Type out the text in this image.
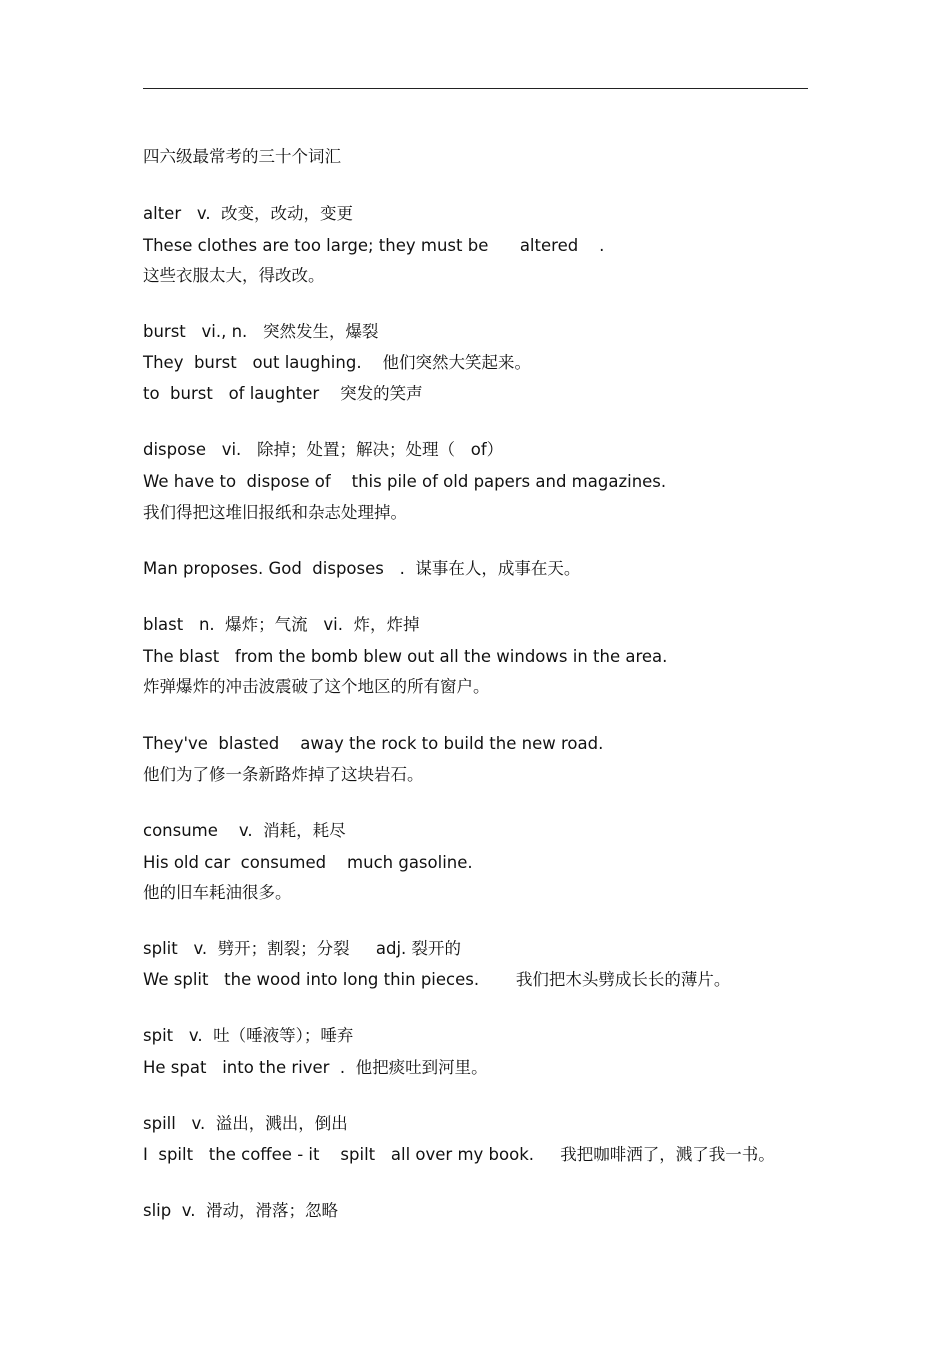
四六级最常考的三十个词汇
alter   v.  改变，改动，变更
These clothes are too large; they must be      altered    .
这些衣服太大，得改改。
burst   vi., n.   突然发生，爆裂
They  burst   out laughing.    他们突然大笑起来。
to  burst   of laughter    突发的笑声
dispose   vi.   除掉；处置；解决；处理（   of）
We have to  dispose of    this pile of old papers and magazines.
我们得把这堆旧报纸和杂志处理掉。
Man proposes. God  disposes   .  谋事在人，成事在天。
blast   n.  爆炸；气流   vi.  炸，炸掉
The blast   from the bomb blew out all the windows in the area.
炸弹爆炸的冲击波震破了这个地区的所有窗户。
They've  blasted    away the rock to build the new road.
他们为了修一条新路炸掉了这块岩石。
consume    v.  消耗，耗尽
His old car  consumed    much gasoline.
他的旧车耗油很多。
split   v.  劈开；割裂；分裂     adj. 裂开的
We split   the wood into long thin pieces.       我们把木头劈成长长的薄片。
spit   v.  吐（唾液等）；唾弃
He spat   into the river  .  他把痰吐到河里。
spill   v.  溢出，溅出，倒出
I  spilt   the coffee - it    spilt   all over my book.     我把咖啡洒了，溅了我一书。
slip  v.  滑动，滑落；忽略
